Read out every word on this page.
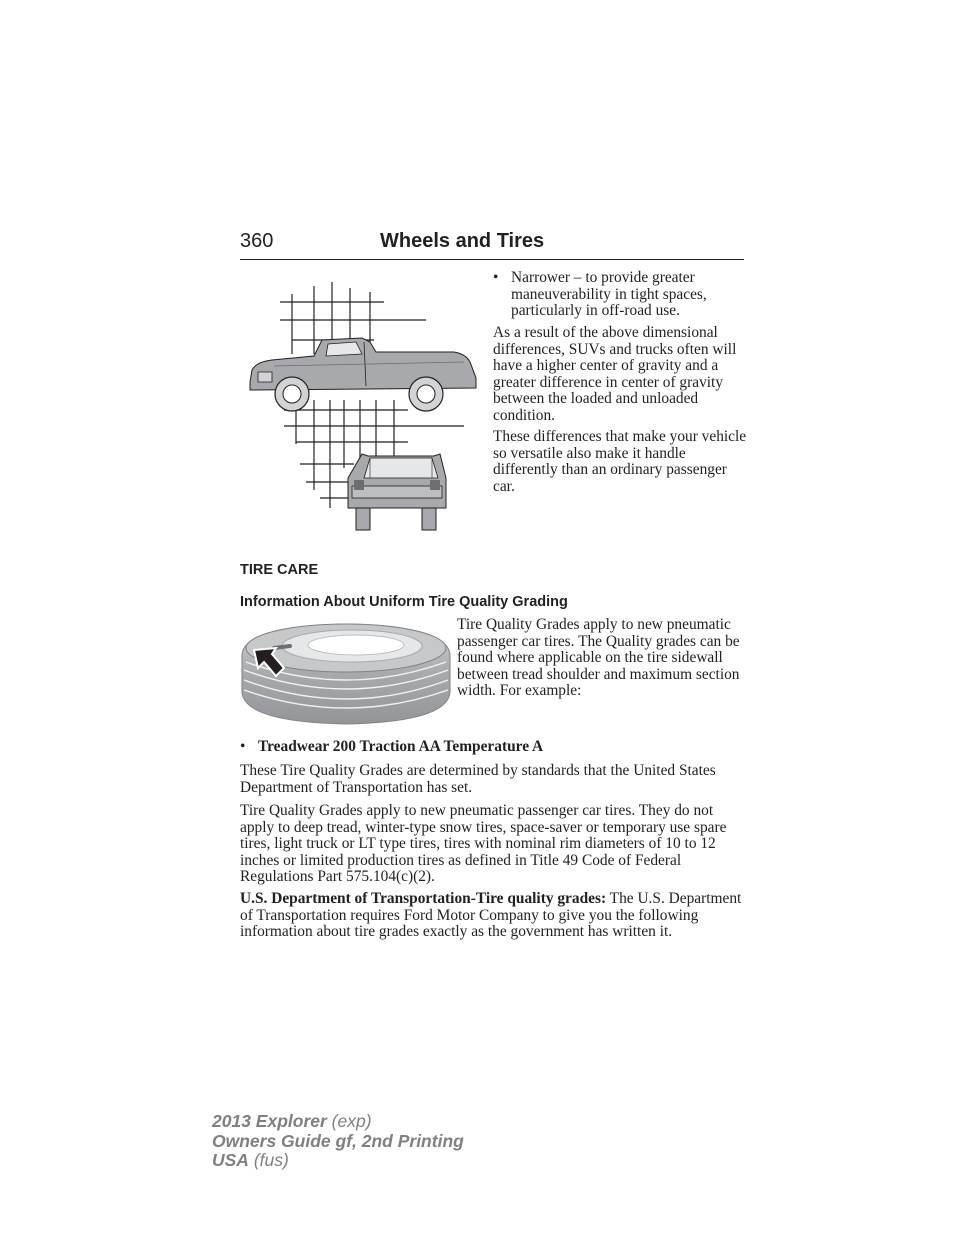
360	Wheels and Tires
• Narrower – to provide greater maneuverability in tight spaces, particularly in off-road use.

As a result of the above dimensional differences, SUVs and trucks often will have a higher center of gravity and a greater difference in center of gravity between the loaded and unloaded condition.

These differences that make your vehicle so versatile also make it handle differently than an ordinary passenger car.

TIRE CARE
Information About Uniform Tire Quality Grading

Tire Quality Grades apply to new pneumatic passenger car tires. The Quality grades can be found where applicable on the tire sidewall between tread shoulder and maximum section width. For example:

• Treadwear 200 Traction AA Temperature A

These Tire Quality Grades are determined by standards that the United States Department of Transportation has set.

Tire Quality Grades apply to new pneumatic passenger car tires. They do not apply to deep tread, winter-type snow tires, space-saver or temporary use spare tires, light truck or LT type tires, tires with nominal rim diameters of 10 to 12 inches or limited production tires as defined in Title 49 Code of Federal Regulations Part 575.104(c)(2).

U.S. Department of Transportation-Tire quality grades: The U.S. Department of Transportation requires Ford Motor Company to give you the following information about tire grades exactly as the government has written it.

2013 Explorer (exp)
Owners Guide gf, 2nd Printing
USA (fus)
